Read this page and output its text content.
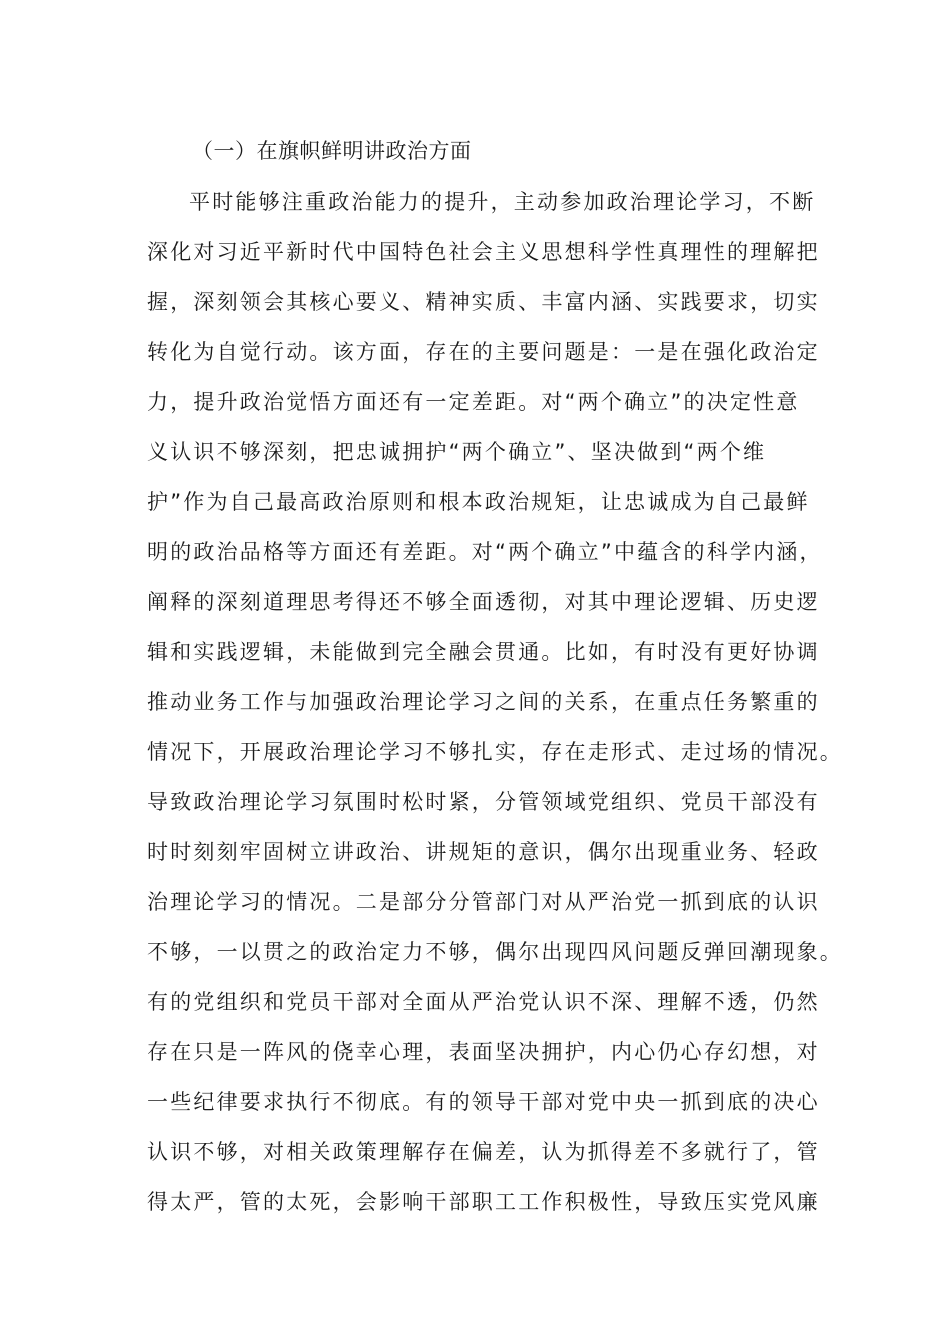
（一）在旗帜鲜明讲政治方面
平时能够注重政治能力的提升，主动参加政治理论学习，不断
深化对习近平新时代中国特色社会主义思想科学性真理性的理解把
握，深刻领会其核心要义、精神实质、丰富内涵、实践要求，切实
转化为自觉行动。该方面，存在的主要问题是：一是在强化政治定
力，提升政治觉悟方面还有一定差距。对“两个确立”的决定性意
义认识不够深刻，把忠诚拥护“两个确立”、坚决做到“两个维
护”作为自己最高政治原则和根本政治规矩，让忠诚成为自己最鲜
明的政治品格等方面还有差距。对“两个确立”中蕴含的科学内涵，
阐释的深刻道理思考得还不够全面透彻，对其中理论逻辑、历史逻
辑和实践逻辑，未能做到完全融会贯通。比如，有时没有更好协调
推动业务工作与加强政治理论学习之间的关系，在重点任务繁重的
情况下，开展政治理论学习不够扎实，存在走形式、走过场的情况。
导致政治理论学习氛围时松时紧，分管领域党组织、党员干部没有
时时刻刻牢固树立讲政治、讲规矩的意识，偶尔出现重业务、轻政
治理论学习的情况。二是部分分管部门对从严治党一抓到底的认识
不够，一以贯之的政治定力不够，偶尔出现四风问题反弹回潮现象。
有的党组织和党员干部对全面从严治党认识不深、理解不透，仍然
存在只是一阵风的侥幸心理，表面坚决拥护，内心仍心存幻想，对
一些纪律要求执行不彻底。有的领导干部对党中央一抓到底的决心
认识不够，对相关政策理解存在偏差，认为抓得差不多就行了，管
得太严，管的太死，会影响干部职工工作积极性，导致压实党风廉
